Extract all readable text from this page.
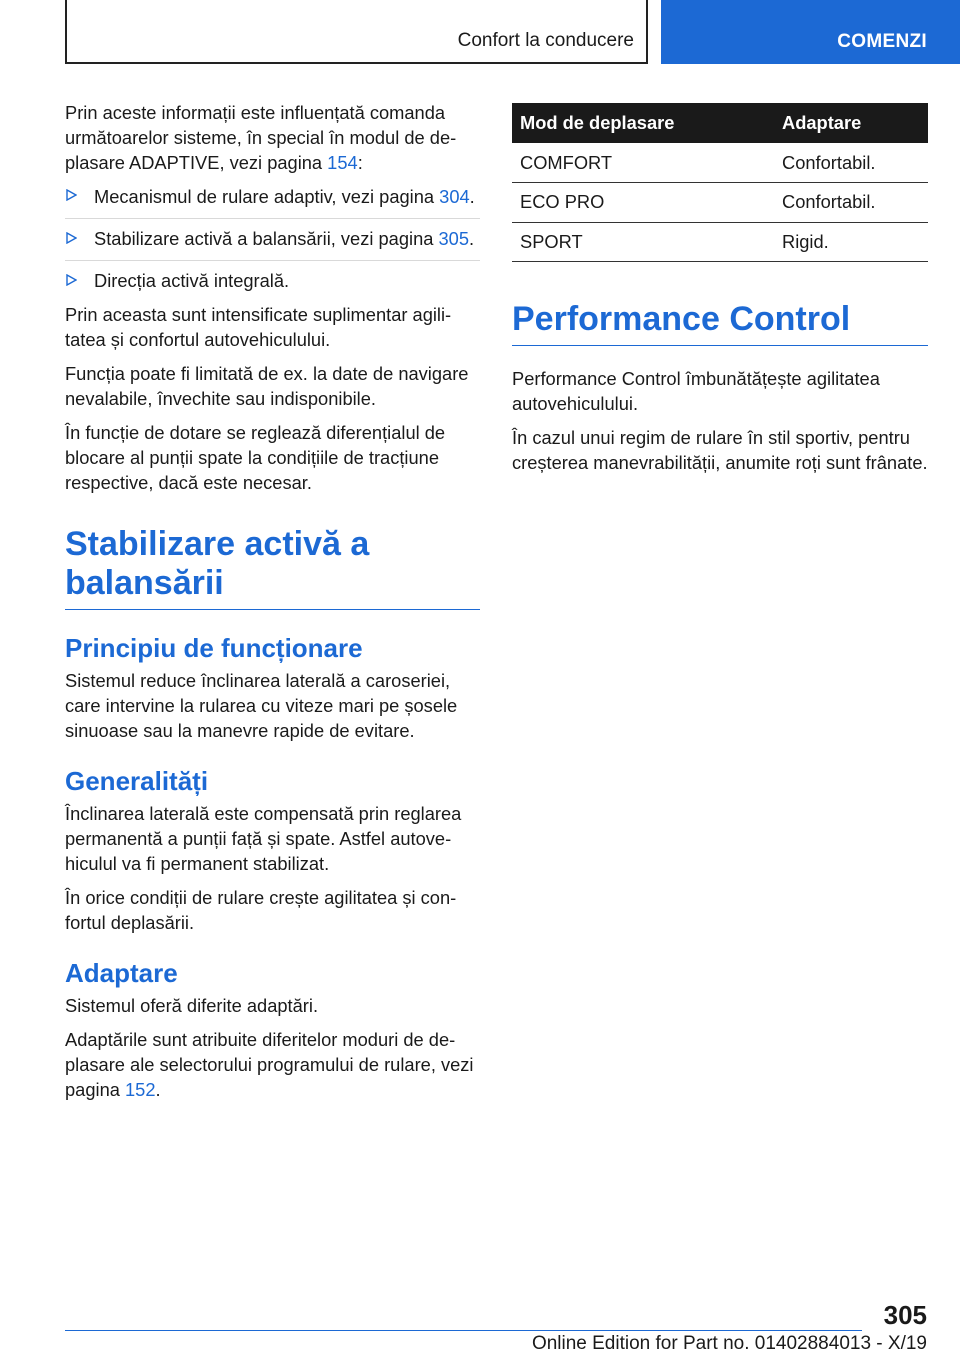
Confort la conducere	COMENZI

Prin aceste informații este influențată comanda următoarelor sisteme, în special în modul de deplasare ADAPTIVE, vezi pagina 154:

Mecanismul de rulare adaptiv, vezi pagina 304.
Stabilizare activă a balansării, vezi pagina 305.
Direcția activă integrală.

Prin aceasta sunt intensificate suplimentar agilitatea și confortul autovehiculului.

Funcția poate fi limitată de ex. la date de navigare nevalabile, învechite sau indisponibile.

În funcție de dotare se reglează diferențialul de blocare al punții spate la condițiile de tracțiune respective, dacă este necesar.

Stabilizare activă a balansării
Principiu de funcționare

Sistemul reduce înclinarea laterală a caroseriei, care intervine la rularea cu viteze mari pe șosele sinuoase sau la manevre rapide de evitare.

Generalități

Înclinarea laterală este compensată prin reglarea permanentă a punții față și spate. Astfel autovehiculul va fi permanent stabilizat.

În orice condiții de rulare crește agilitatea și confortul deplasării.

Adaptare

Sistemul oferă diferite adaptări.

Adaptările sunt atribuite diferitelor moduri de deplasare ale selectorului programului de rulare, vezi pagina 152.

Mod de deplasare	Adaptare
COMFORT	Confortabil.
ECO PRO	Confortabil.
SPORT	Rigid.
Performance Control

Performance Control îmbunătățește agilitatea autovehiculului.

În cazul unui regim de rulare în stil sportiv, pentru creșterea manevrabilității, anumite roți sunt frânate.

305
Online Edition for Part no. 01402884013 - X/19
